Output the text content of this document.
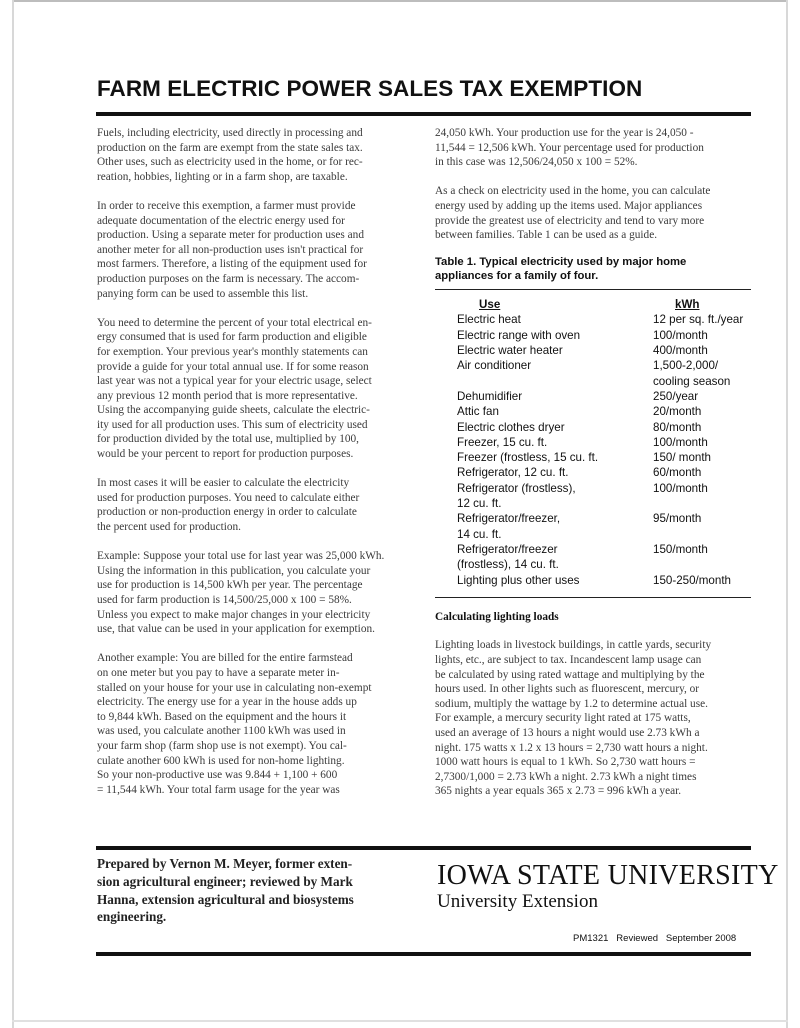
FARM ELECTRIC POWER SALES TAX EXEMPTION

Fuels, including electricity, used directly in processing and
production on the farm are exempt from the state sales tax.
Other uses, such as electricity used in the home, or for rec-
reation, hobbies, lighting or in a farm shop, are taxable.

In order to receive this exemption, a farmer must provide
adequate documentation of the electric energy used for
production. Using a separate meter for production uses and
another meter for all non-production uses isn't practical for
most farmers. Therefore, a listing of the equipment used for
production purposes on the farm is necessary. The accom-
panying form can be used to assemble this list.

You need to determine the percent of your total electrical en-
ergy consumed that is used for farm production and eligible
for exemption. Your previous year's monthly statements can
provide a guide for your total annual use. If for some reason
last year was not a typical year for your electric usage, select
any previous 12 month period that is more representative.
Using the accompanying guide sheets, calculate the electric-
ity used for all production uses. This sum of electricity used
for production divided by the total use, multiplied by 100,
would be your percent to report for production purposes.

In most cases it will be easier to calculate the electricity
used for production purposes. You need to calculate either
production or non-production energy in order to calculate
the percent used for production.

Example: Suppose your total use for last year was 25,000 kWh.
Using the information in this publication, you calculate your
use for production is 14,500 kWh per year. The percentage
used for farm production is 14,500/25,000 x 100 = 58%.
Unless you expect to make major changes in your electricity
use, that value can be used in your application for exemption.

Another example: You are billed for the entire farmstead
on one meter but you pay to have a separate meter in-
stalled on your house for your use in calculating non-exempt
electricity. The energy use for a year in the house adds up
to 9,844 kWh. Based on the equipment and the hours it
was used, you calculate another 1100 kWh was used in
your farm shop (farm shop use is not exempt). You cal-
culate another 600 kWh is used for non-home lighting.
So your non-productive use was 9.844 + 1,100 + 600
= 11,544 kWh. Your total farm usage for the year was

24,050 kWh. Your production use for the year is 24,050 -
11,544 = 12,506 kWh. Your percentage used for production
in this case was 12,506/24,050 x 100 = 52%.

As a check on electricity used in the home, you can calculate
energy used by adding up the items used. Major appliances
provide the greatest use of electricity and tend to vary more
between families. Table 1 can be used as a guide.

Table 1. Typical electricity used by major home
appliances for a family of four.
Use	kWh
Electric heat	12 per sq. ft./year
Electric range with oven	100/month
Electric water heater	400/month
Air conditioner	1,500-2,000/
cooling season
Dehumidifier	250/year
Attic fan	20/month
Electric clothes dryer	80/month
Freezer, 15 cu. ft.	100/month
Freezer (frostless, 15 cu. ft.	150/ month
Refrigerator, 12 cu. ft.	60/month
Refrigerator (frostless),
12 cu. ft.	100/month
Refrigerator/freezer,
14 cu. ft.	95/month
Refrigerator/freezer
(frostless), 14 cu. ft.	150/month
Lighting plus other uses	150-250/month
Calculating lighting loads

Lighting loads in livestock buildings, in cattle yards, security
lights, etc., are subject to tax. Incandescent lamp usage can
be calculated by using rated wattage and multiplying by the
hours used. In other lights such as fluorescent, mercury, or
sodium, multiply the wattage by 1.2 to determine actual use.
For example, a mercury security light rated at 175 watts,
used an average of 13 hours a night would use 2.73 kWh a
night. 175 watts x 1.2 x 13 hours = 2,730 watt hours a night.
1000 watt hours is equal to 1 kWh. So 2,730 watt hours =
2,7300/1,000 = 2.73 kWh a night. 2.73 kWh a night times
365 nights a year equals 365 x 2.73 = 996 kWh a year.

Prepared by Vernon M. Meyer, former exten-
sion agricultural engineer; reviewed by Mark
Hanna, extension agricultural and biosystems
engineering.

IOWA STATE UNIVERSITY
University Extension
PM1321   Reviewed   September 2008
